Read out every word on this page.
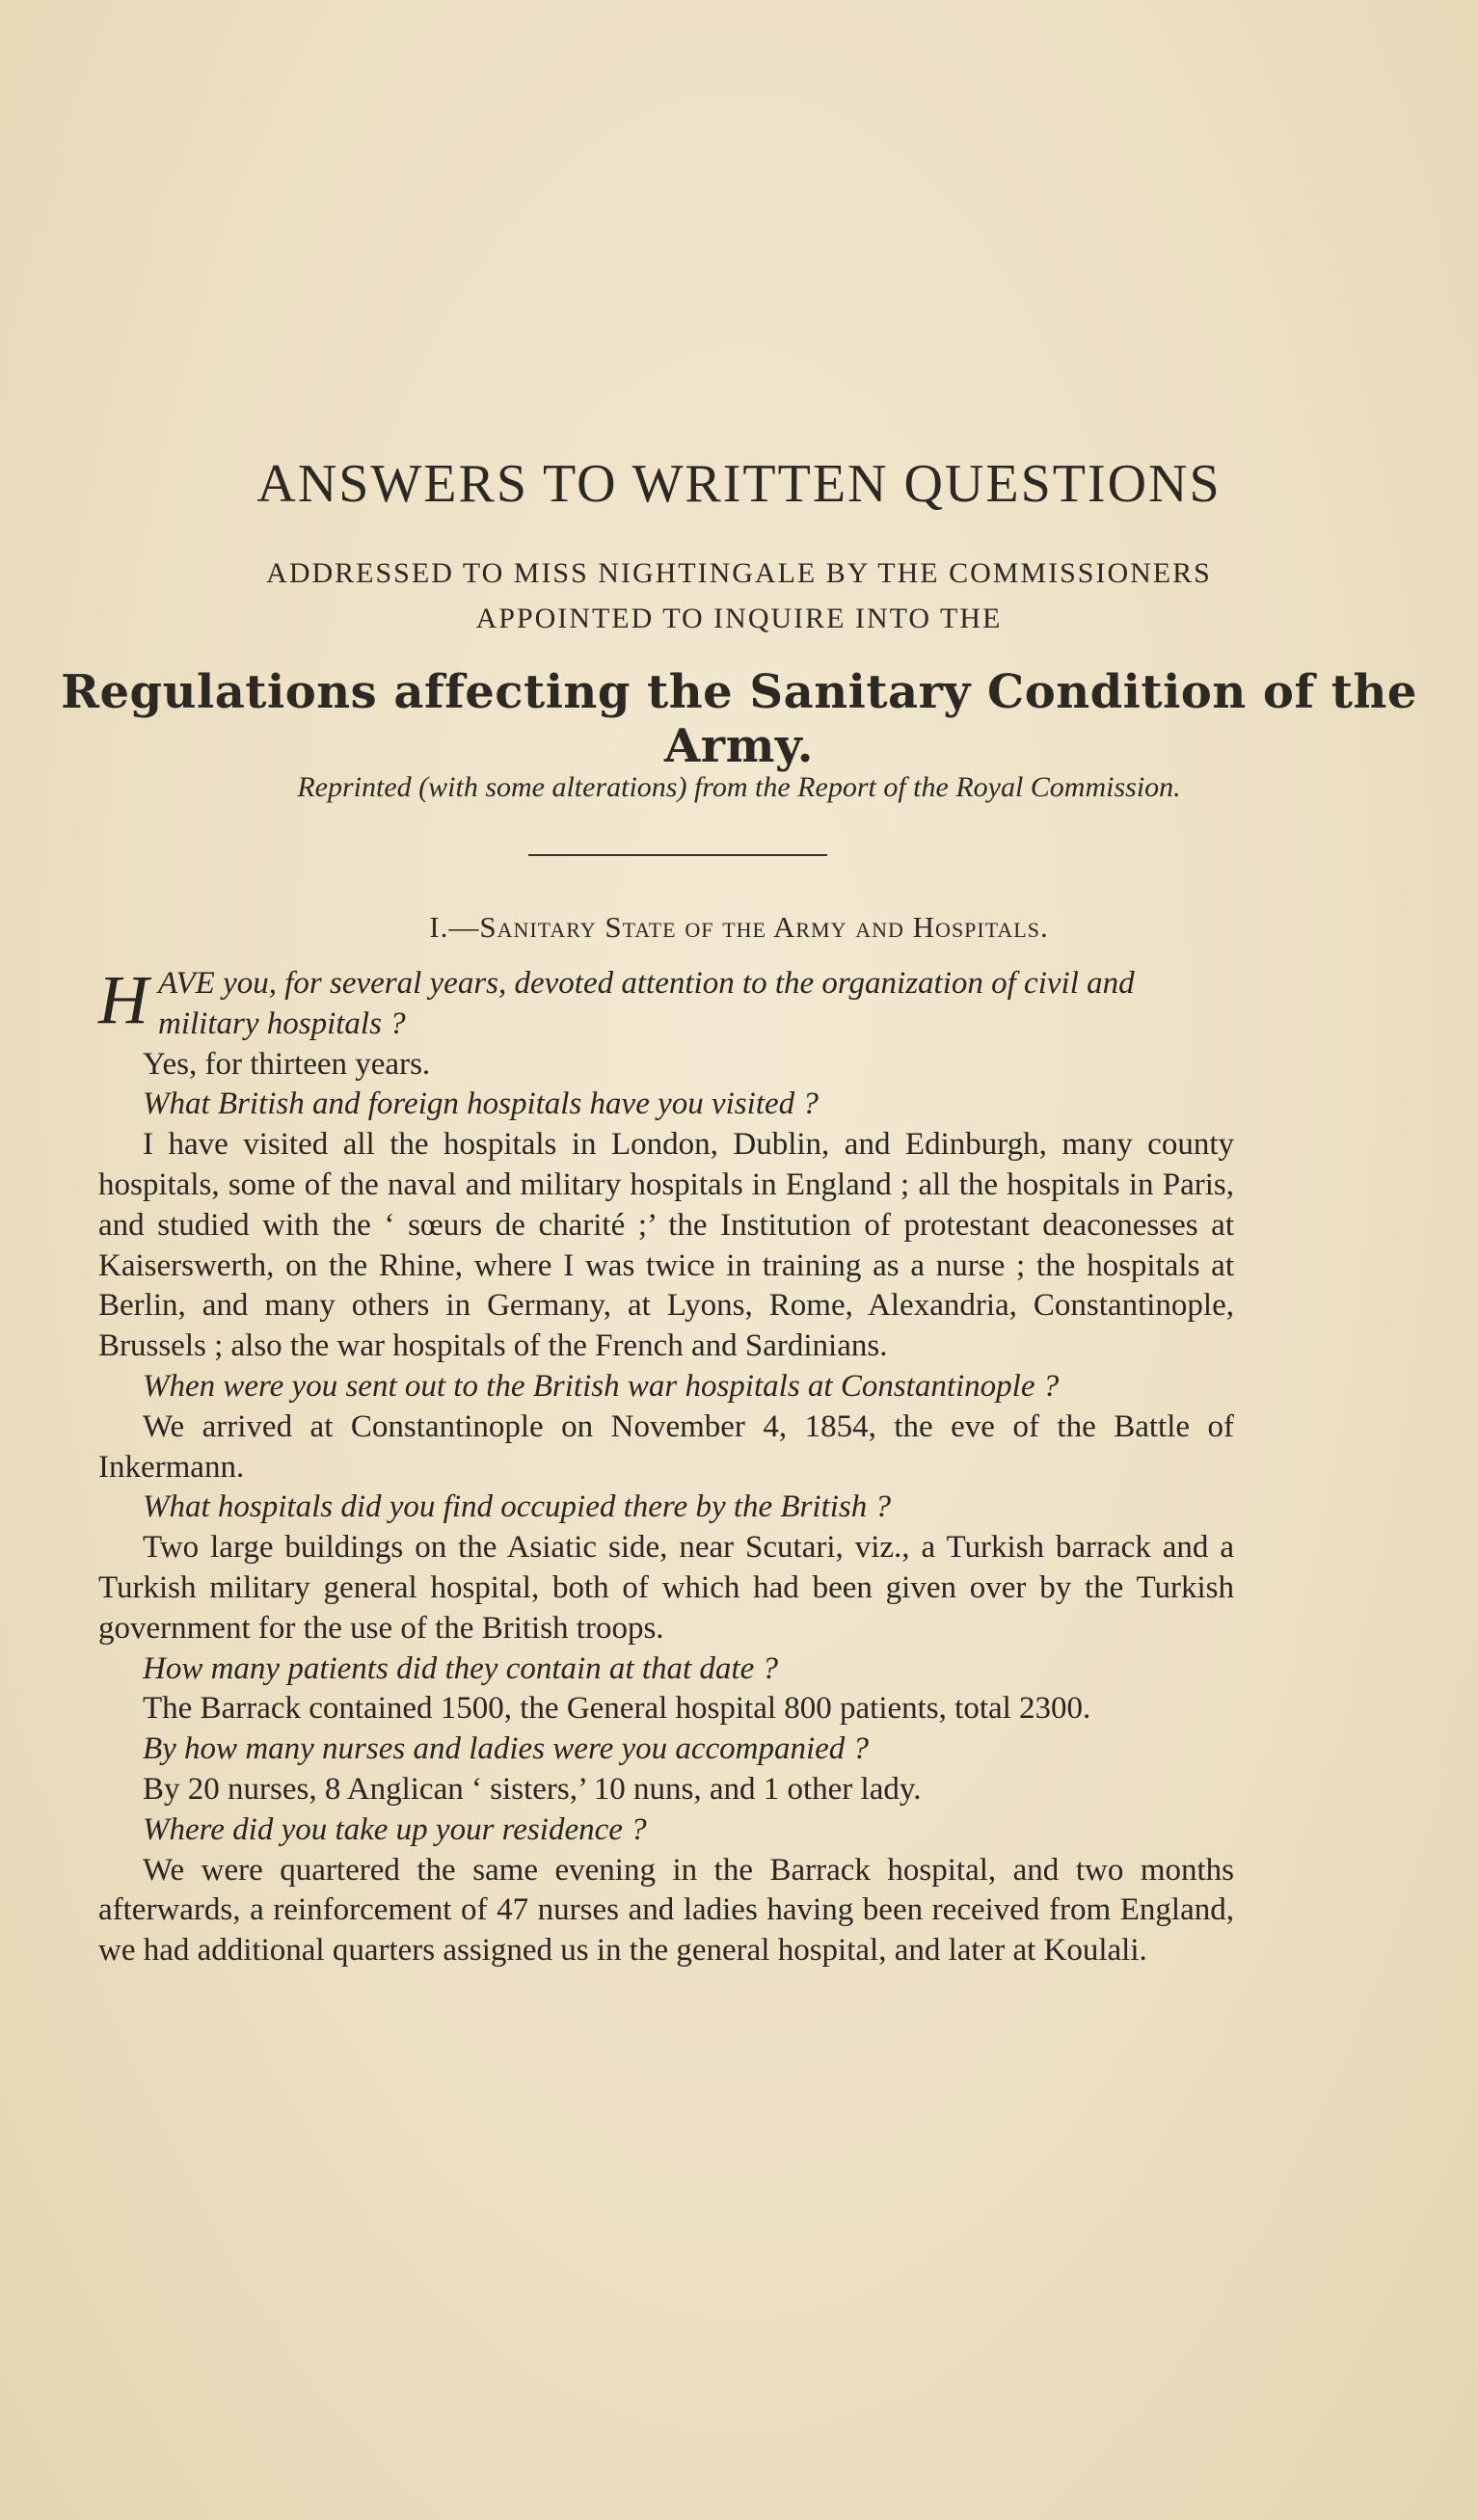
ANSWERS TO WRITTEN QUESTIONS
ADDRESSED TO MISS NIGHTINGALE BY THE COMMISSIONERS
APPOINTED TO INQUIRE INTO THE
Regulations affecting the Sanitary Condition of the Army.
Reprinted (with some alterations) from the Report of the Royal Commission.
I.—Sanitary State of the Army and Hospitals.

HAVE you, for several years, devoted attention to the organization of civil and military hospitals ?

Yes, for thirteen years.

What British and foreign hospitals have you visited ?

I have visited all the hospitals in London, Dublin, and Edinburgh, many county hospitals, some of the naval and military hospitals in England ; all the hospitals in Paris, and studied with the ‘ sœurs de charité ;’ the Institution of protestant deaconesses at Kaiserswerth, on the Rhine, where I was twice in training as a nurse ; the hospitals at Berlin, and many others in Germany, at Lyons, Rome, Alexandria, Constantinople, Brussels ; also the war hospitals of the French and Sardinians.

When were you sent out to the British war hospitals at Constantinople ?

We arrived at Constantinople on November 4, 1854, the eve of the Battle of Inkermann.

What hospitals did you find occupied there by the British ?

Two large buildings on the Asiatic side, near Scutari, viz., a Turkish barrack and a Turkish military general hospital, both of which had been given over by the Turkish government for the use of the British troops.

How many patients did they contain at that date ?

The Barrack contained 1500, the General hospital 800 patients, total 2300.

By how many nurses and ladies were you accompanied ?

By 20 nurses, 8 Anglican ‘ sisters,’ 10 nuns, and 1 other lady.

Where did you take up your residence ?

We were quartered the same evening in the Barrack hospital, and two months afterwards, a reinforcement of 47 nurses and ladies having been received from England, we had additional quarters assigned us in the general hospital, and later at Koulali.
